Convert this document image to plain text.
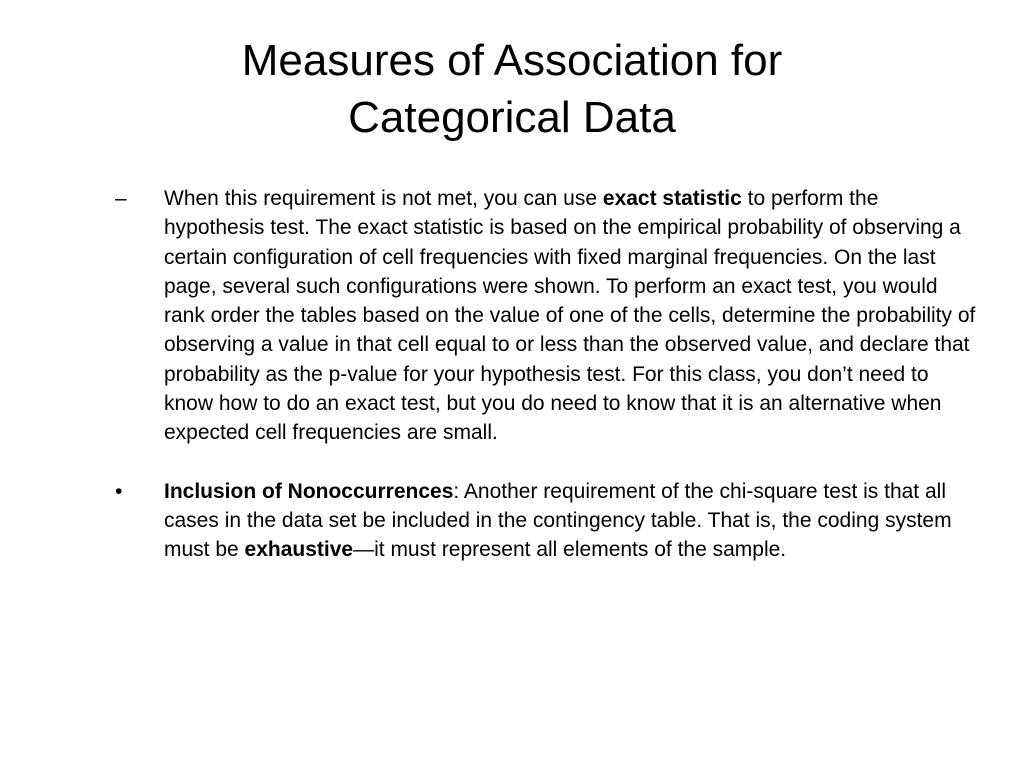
Measures of Association for
Categorical Data
–	When this requirement is not met, you can use exact statistic to perform the hypothesis test. The exact statistic is based on the empirical probability of observing a certain configuration of cell frequencies with fixed marginal frequencies. On the last page, several such configurations were shown. To perform an exact test, you would rank order the tables based on the value of one of the cells, determine the probability of observing a value in that cell equal to or less than the observed value, and declare that probability as the p-value for your hypothesis test. For this class, you don’t need to know how to do an exact test, but you do need to know that it is an alternative when expected cell frequencies are small.
•	Inclusion of Nonoccurrences: Another requirement of the chi-square test is that all cases in the data set be included in the contingency table. That is, the coding system must be exhaustive—it must represent all elements of the sample.
